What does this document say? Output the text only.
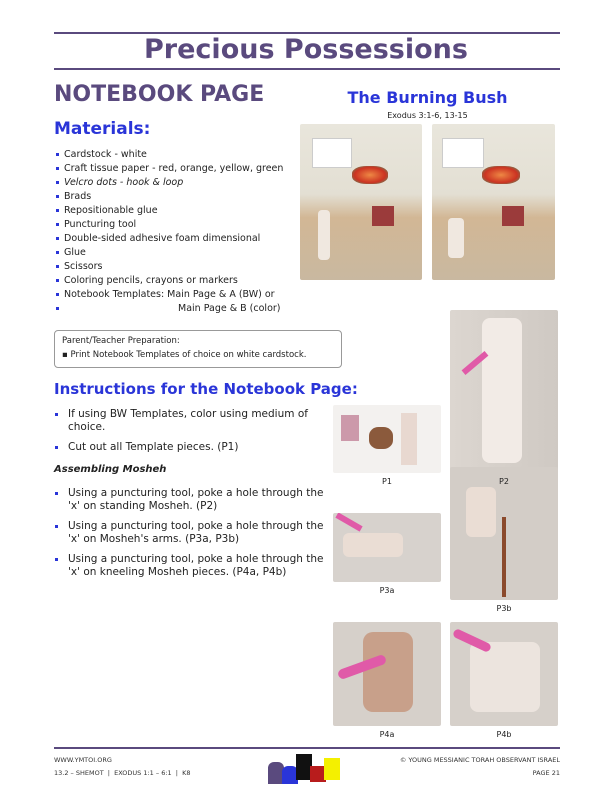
Precious Possessions
NOTEBOOK PAGE
Materials:
Cardstock - white
Craft tissue paper - red, orange, yellow, green
Velcro dots - hook & loop
Brads
Repositionable glue
Puncturing tool
Double-sided adhesive foam dimensional
Glue
Scissors
Coloring pencils, crayons or markers
Notebook Templates: Main Page & A (BW) or
Main Page & B (color)
The Burning Bush
Exodus 3:1-6, 13-15
Parent/Teacher Preparation:
▪ Print Notebook Templates of choice on white cardstock.
Instructions for the Notebook Page:
If using BW Templates, color using medium of choice.
Cut out all Template pieces. (P1)
Assembling Mosheh
Using a puncturing tool, poke a hole through the 'x' on standing Mosheh. (P2)
Using a puncturing tool, poke a hole through the 'x' on Mosheh's arms. (P3a, P3b)
Using a puncturing tool, poke a hole through the 'x' on kneeling Mosheh pieces. (P4a, P4b)
P1	P2
P3a
P3b
P4a	P4b
WWW.YMTOI.ORG
13.2 – SHEMOT  |  EXODUS 1:1 – 6:1  |  K8
© YOUNG MESSIANIC TORAH OBSERVANT ISRAEL
PAGE 21
